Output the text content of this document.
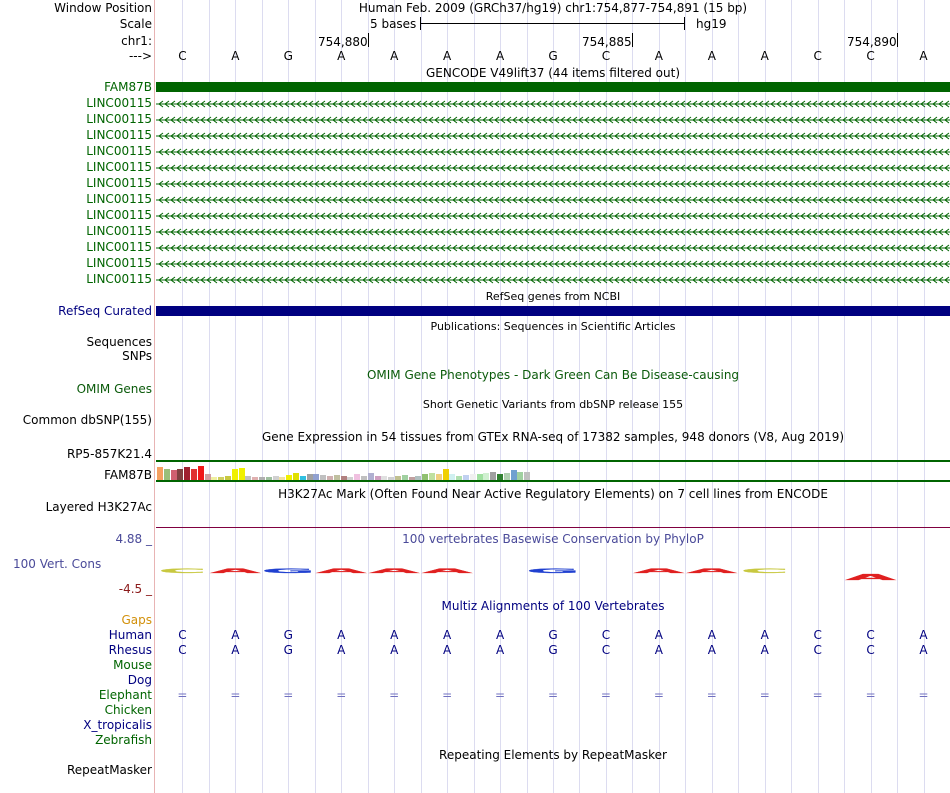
Window Position	Human Feb. 2009 (GRCh37/hg19) chr1:754,877-754,891 (15 bp)
Scale	5 bases	hg19
chr1:	754,880	754,885	754,890
--->	C	A	G	A	A	A	A	G	C	A	A	A	C	C	A
GENCODE V49lift37 (44 items filtered out)
FAM87B
LINC00115
LINC00115
LINC00115
LINC00115
LINC00115
LINC00115
LINC00115
LINC00115
LINC00115
LINC00115
LINC00115
LINC00115
RefSeq genes from NCBI
RefSeq Curated
Publications: Sequences in Scientific Articles
Sequences
SNPs
OMIM Gene Phenotypes - Dark Green Can Be Disease-causing
OMIM Genes
Short Genetic Variants from dbSNP release 155
Common dbSNP(155)
Gene Expression in 54 tissues from GTEx RNA-seq of 17382 samples, 948 donors (V8, Aug 2019)
RP5-857K21.4
FAM87B
H3K27Ac Mark (Often Found Near Active Regulatory Elements) on 7 cell lines from ENCODE
Layered H3K27Ac
100 vertebrates Basewise Conservation by PhyloP
4.88 _
100 Vert. Cons
-4.5 _
C A G A A A G A A C
A
Multiz Alignments of 100 Vertebrates
Gaps
Human	C	A	G	A	A	A	A	G	C	A	A	A	C	C	A
Rhesus	C	A	G	A	A	A	A	G	C	A	A	A	C	C	A
Mouse
Dog
Elephant	=	=	=	=	=	=	=	=	=	=	=	=	=	=	=
Chicken
X_tropicalis
Zebrafish
Repeating Elements by RepeatMasker
RepeatMasker
